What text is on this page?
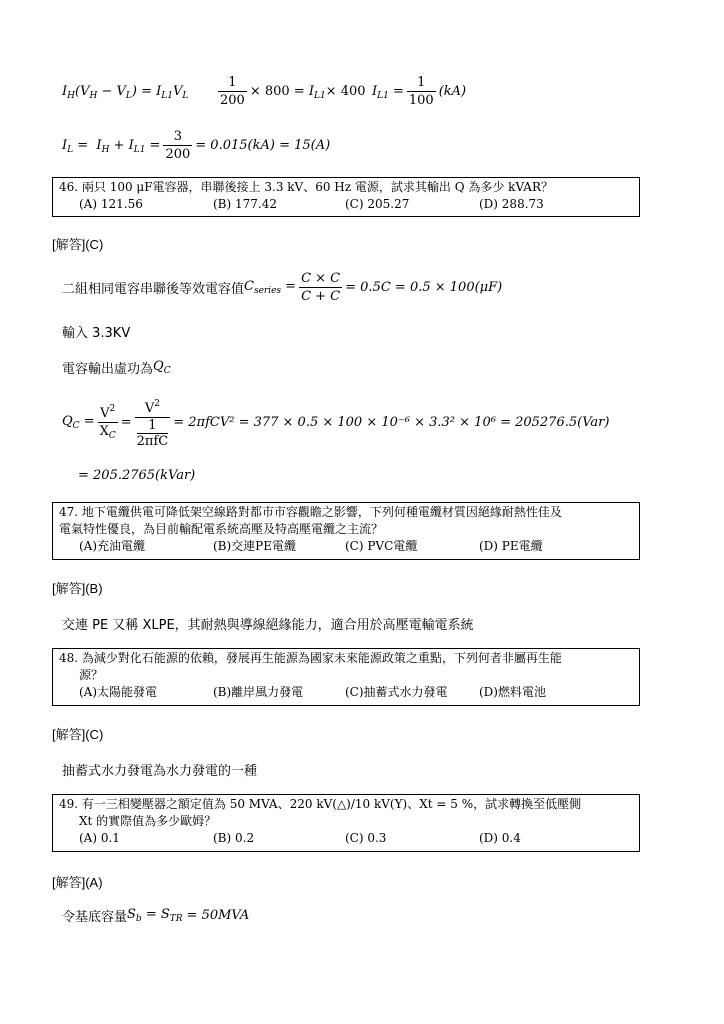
$I_H(V_H - V_L) = I_{L1}V_L \frac{1}{200} \times 800 = I_{L1}\times 400$ $I_{L1} = \frac{1}{100} (kA)$
$I_L = I_H + I_{L1} = \frac{3}{200} = 0.015(kA) = 15(A)$
46. 兩只 100 μF電容器，串聯後接上 3.3 kV、60 Hz 電源，試求其輸出 Q 為多少 kVAR？
(A) 121.56	(B) 177.42	(C) 205.27	(D) 288.73
[解答](C)
二組相同電容串聯後等效電容值 $C_{series} = \frac{C \times C}{C + C} = 0.5C = 0.5 \times 100(\mu F)$
輸入 3.3KV
電容輸出虛功為 $Q_C$
$Q_C = \frac{V^2}{X_C} = V^2$
1
2πfC = 2πfCV² = 377 × 0.5 × 100 × 10⁻⁶ × 3.3² × 10⁶ = 205276.5(Var)
= 205.2765(kVar)
47. 地下電纜供電可降低架空線路對都市市容觀瞻之影響，下列何種電纜材質因絕緣耐熱性佳及
電氣特性優良，為目前輸配電系統高壓及特高壓電纜之主流？
(A)充油電纜	(B)交連PE電纜	(C) PVC電纜	(D) PE電纜
[解答](B)
交連 PE 又稱 XLPE，其耐熱與導線絕緣能力，適合用於高壓電輸電系統
48. 為減少對化石能源的依賴，發展再生能源為國家未來能源政策之重點，下列何者非屬再生能
源？
(A)太陽能發電	(B)離岸風力發電	(C)抽蓄式水力發電	(D)燃料電池
[解答](C)
抽蓄式水力發電為水力發電的一種
49. 有一三相變壓器之額定值為 50 MVA、220 kV(△)/10 kV(Y)、Xt = 5 %，試求轉換至低壓側
Xt 的實際值為多少歐姆？
(A) 0.1	(B) 0.2	(C) 0.3	(D) 0.4
[解答](A)
令基底容量 $S_b = S_{TR} = 50MVA$
